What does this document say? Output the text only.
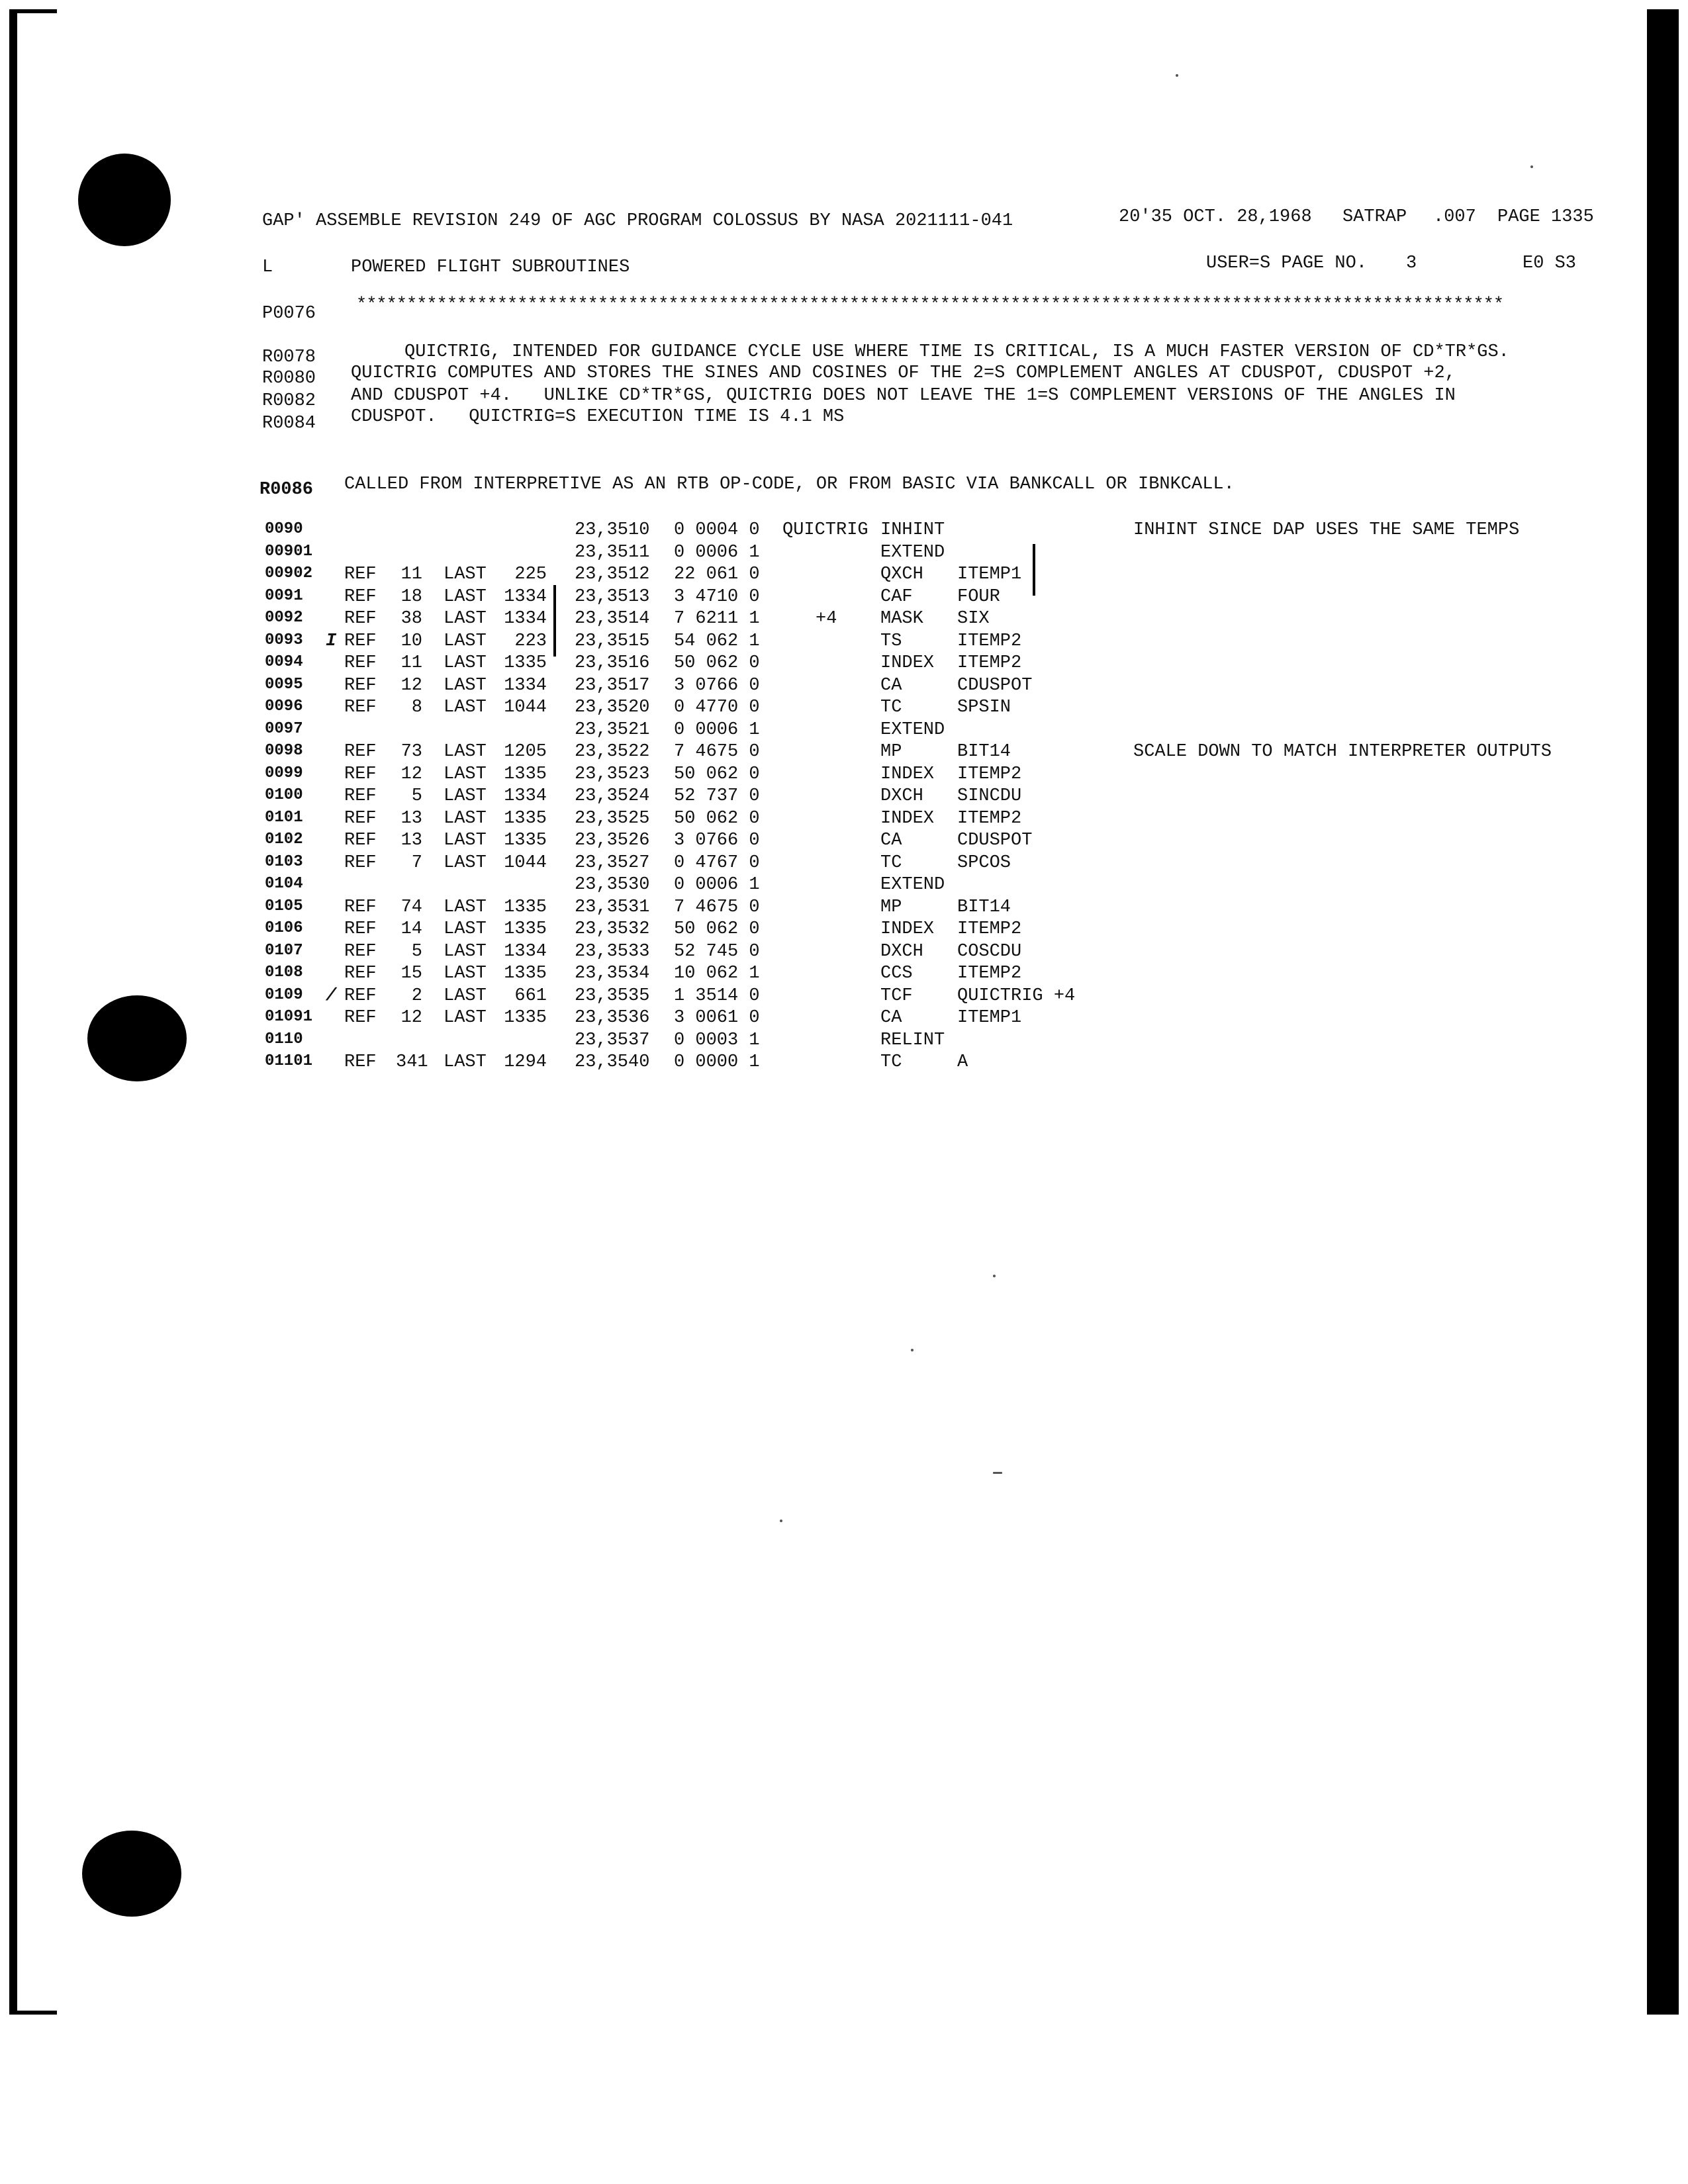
GAP' ASSEMBLE REVISION 249 OF AGC PROGRAM COLOSSUS BY NASA 2021111-041	20'35 OCT. 28,1968 SATRAP .007 PAGE 1335
L	POWERED FLIGHT SUBROUTINES	USER=S PAGE NO. 3	E0 S3
P0076 ******************************************************************************************************************
R0078 QUICTRIG, INTENDED FOR GUIDANCE CYCLE USE WHERE TIME IS CRITICAL, IS A MUCH FASTER VERSION OF CD*TR*GS.
R0080 QUICTRIG COMPUTES AND STORES THE SINES AND COSINES OF THE 2=S COMPLEMENT ANGLES AT CDUSPOT, CDUSPOT +2,
R0082 AND CDUSPOT +4.   UNLIKE CD*TR*GS, QUICTRIG DOES NOT LEAVE THE 1=S COMPLEMENT VERSIONS OF THE ANGLES IN
R0084 CDUSPOT.   QUICTRIG=S EXECUTION TIME IS 4.1 MS
R0086 CALLED FROM INTERPRETIVE AS AN RTB OP-CODE, OR FROM BASIC VIA BANKCALL OR IBNKCALL.
0090	23,3510 0 0004 0 QUICTRIG INHINT	INHINT SINCE DAP USES THE SAME TEMPS
00901	23,3511 0 0006 1	EXTEND
00902 REF 11 LAST	225 23,3512 22 061 0	QXCH ITEMP1
0091 REF 18 LAST 1334 23,3513 3 4710 0	CAF FOUR
0092 REF 38 LAST 1334 23,3514 7 6211 1	+4 MASK SIX
0093 REF 10 LAST	223 23,3515 54 062 1	TS	ITEMP2
I
0094 REF 11 LAST 1335 23,3516 50 062 0	INDEX ITEMP2
0095 REF 12 LAST 1334 23,3517 3 0766 0	CA	CDUSPOT
0096 REF	8 LAST 1044 23,3520 0 4770 0	TC	SPSIN
0097	23,3521 0 0006 1	EXTEND
0098 REF 73 LAST 1205 23,3522 7 4675 0	MP	BIT14	SCALE DOWN TO MATCH INTERPRETER OUTPUTS
0099 REF 12 LAST 1335 23,3523 50 062 0	INDEX ITEMP2
0100 REF	5 LAST 1334 23,3524 52 737 0	DXCH SINCDU
0101 REF 13 LAST 1335 23,3525 50 062 0	INDEX ITEMP2
0102 REF 13 LAST 1335 23,3526 3 0766 0	CA	CDUSPOT
0103 REF	7 LAST 1044 23,3527 0 4767 0	TC	SPCOS
0104	23,3530 0 0006 1	EXTEND
0105 REF 74 LAST 1335 23,3531 7 4675 0	MP	BIT14
0106 REF 14 LAST 1335 23,3532 50 062 0	INDEX ITEMP2
0107 REF	5 LAST 1334 23,3533 52 745 0	DXCH COSCDU
0108 REF 15 LAST 1335 23,3534 10 062 1	CCS ITEMP2
0109 REF	2 LAST	661 23,3535 1 3514 0	TCF QUICTRIG +4
/
01091 REF 12 LAST 1335 23,3536 3 0061 0	CA	ITEMP1
0110	23,3537 0 0003 1	RELINT
01101 REF 341 LAST 1294 23,3540 0 0000 1	TC	A
